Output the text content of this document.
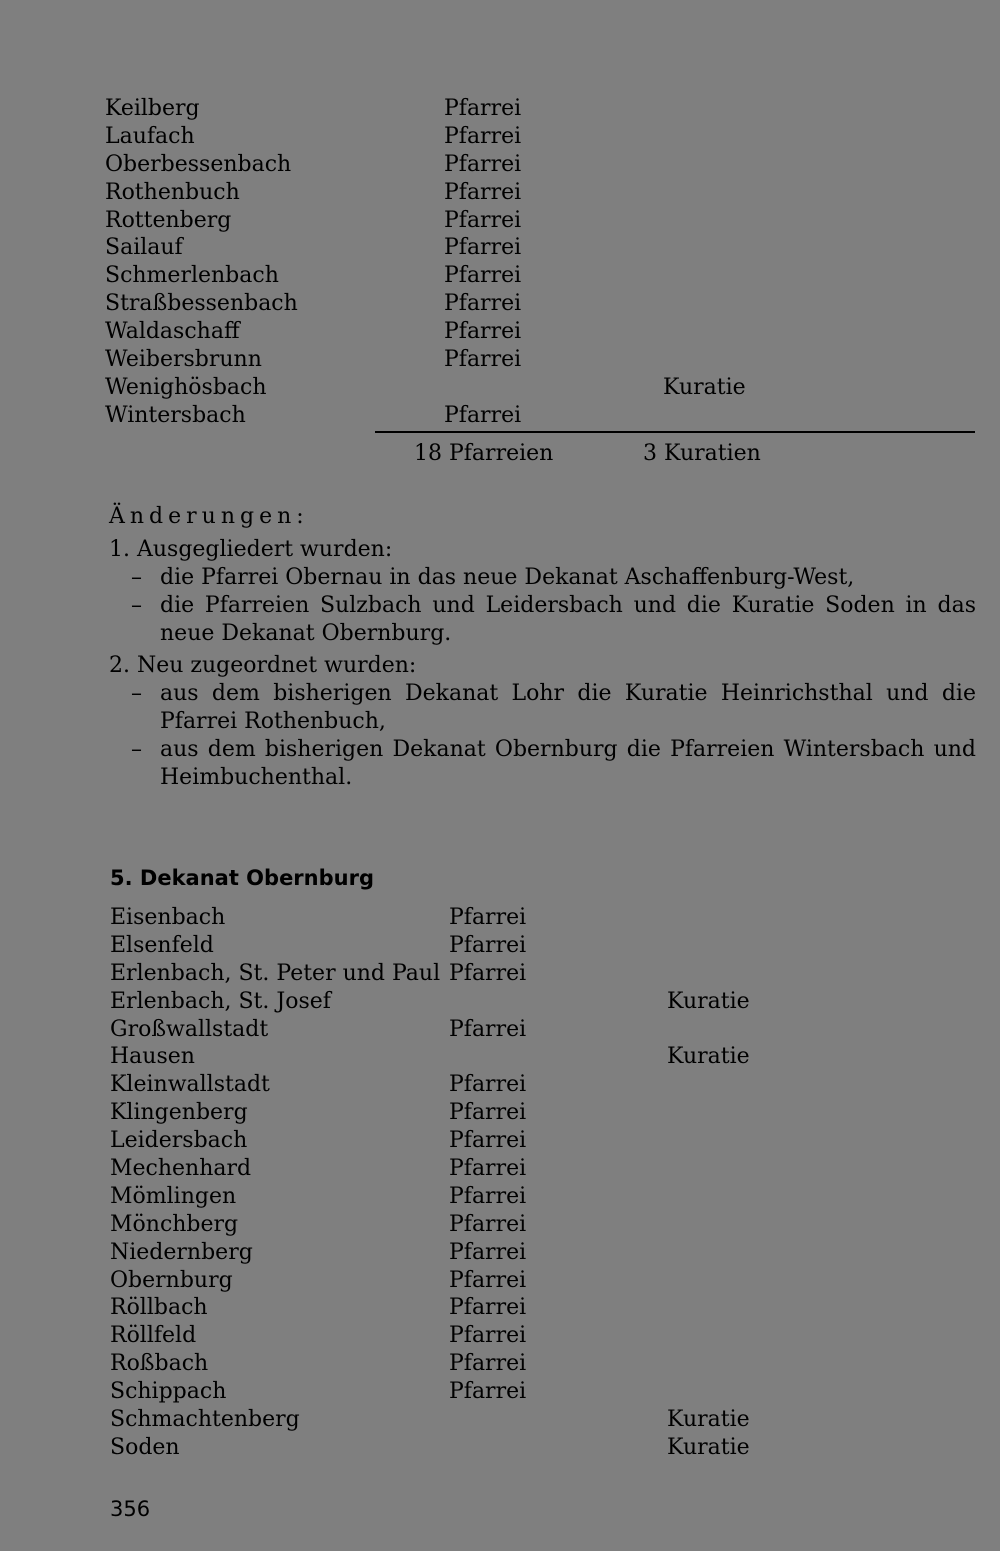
Keilberg	Pfarrei
Laufach	Pfarrei
Oberbessenbach	Pfarrei
Rothenbuch	Pfarrei
Rottenberg	Pfarrei
Sailauf	Pfarrei
Schmerlenbach	Pfarrei
Straßbessenbach	Pfarrei
Waldaschaff	Pfarrei
Weibersbrunn	Pfarrei
Wenighösbach	Kuratie
Wintersbach	Pfarrei
18 Pfarreien	3 Kuratien
Änderungen:
1. Ausgegliedert wurden:
– die Pfarrei Obernau in das neue Dekanat Aschaffenburg-West,
– die Pfarreien Sulzbach und Leidersbach und die Kuratie Soden in das neue Dekanat Obernburg.
2. Neu zugeordnet wurden:
– aus dem bisherigen Dekanat Lohr die Kuratie Heinrichsthal und die Pfarrei Rothenbuch,
– aus dem bisherigen Dekanat Obernburg die Pfarreien Wintersbach und Heimbuchenthal.
5. Dekanat Obernburg
Eisenbach	Pfarrei
Elsenfeld	Pfarrei
Erlenbach, St. Peter und Paul Pfarrei
Erlenbach, St. Josef	Kuratie
Großwallstadt	Pfarrei
Hausen	Kuratie
Kleinwallstadt	Pfarrei
Klingenberg	Pfarrei
Leidersbach	Pfarrei
Mechenhard	Pfarrei
Mömlingen	Pfarrei
Mönchberg	Pfarrei
Niedernberg	Pfarrei
Obernburg	Pfarrei
Röllbach	Pfarrei
Röllfeld	Pfarrei
Roßbach	Pfarrei
Schippach	Pfarrei
Schmachtenberg	Kuratie
Soden	Kuratie
356
